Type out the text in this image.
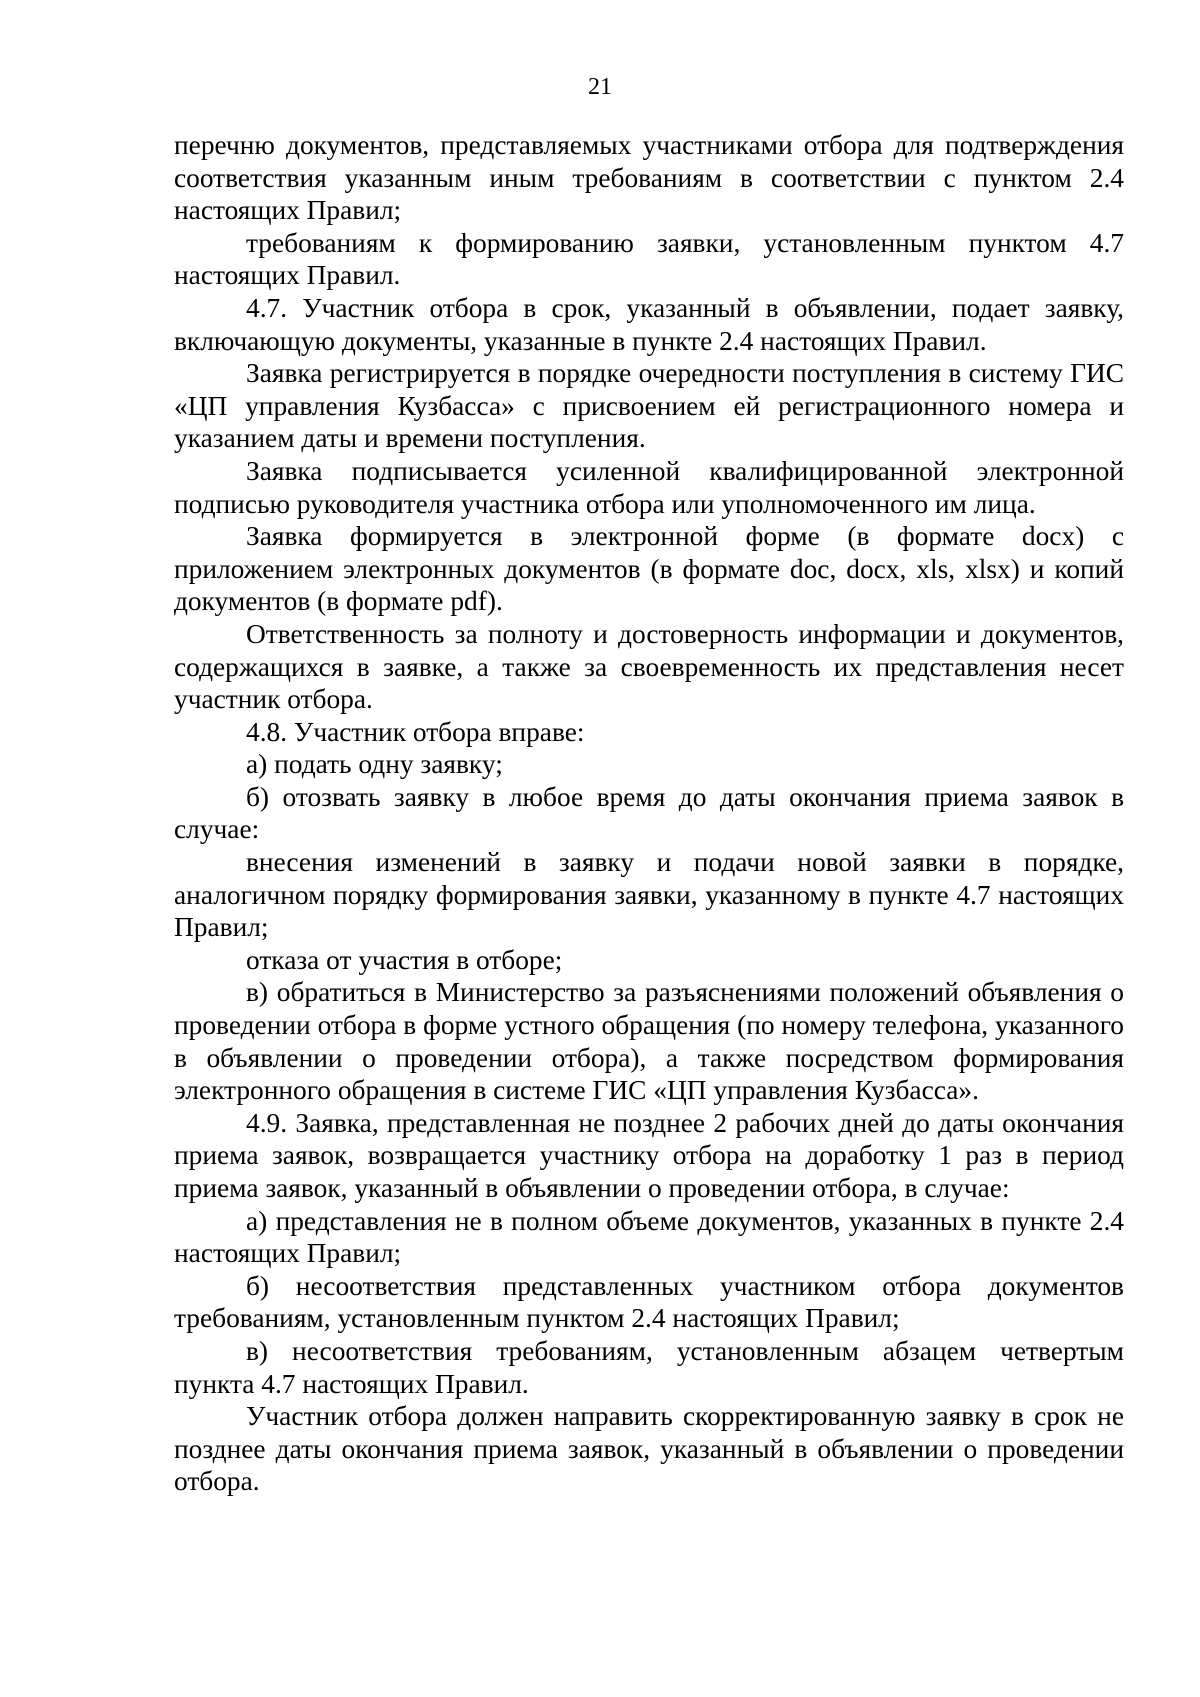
21

перечню документов, представляемых участниками отбора для подтверждения соответствия указанным иным требованиям в соответствии с пунктом 2.4 настоящих Правил;

требованиям к формированию заявки, установленным пунктом 4.7 настоящих Правил.

4.7. Участник отбора в срок, указанный в объявлении, подает заявку, включающую документы, указанные в пункте 2.4 настоящих Правил.

Заявка регистрируется в порядке очередности поступления в систему ГИС «ЦП управления Кузбасса» с присвоением ей регистрационного номера и указанием даты и времени поступления.

Заявка подписывается усиленной квалифицированной электронной подписью руководителя участника отбора или уполномоченного им лица.

Заявка формируется в электронной форме (в формате docx) с приложением электронных документов (в формате doc, docx, xls, xlsx) и копий документов (в формате pdf).

Ответственность за полноту и достоверность информации и документов, содержащихся в заявке, а также за своевременность их представления несет участник отбора.

4.8. Участник отбора вправе:

а) подать одну заявку;

б) отозвать заявку в любое время до даты окончания приема заявок в случае:

внесения изменений в заявку и подачи новой заявки в порядке, аналогичном порядку формирования заявки, указанному в пункте 4.7 настоящих Правил;

отказа от участия в отборе;

в) обратиться в Министерство за разъяснениями положений объявления о проведении отбора в форме устного обращения (по номеру телефона, указанного в объявлении о проведении отбора), а также посредством формирования электронного обращения в системе ГИС «ЦП управления Кузбасса».

4.9. Заявка, представленная не позднее 2 рабочих дней до даты окончания приема заявок, возвращается участнику отбора на доработку 1 раз в период приема заявок, указанный в объявлении о проведении отбора, в случае:

а) представления не в полном объеме документов, указанных в пункте 2.4 настоящих Правил;

б) несоответствия представленных участником отбора документов требованиям, установленным пунктом 2.4 настоящих Правил;

в) несоответствия требованиям, установленным абзацем четвертым пункта 4.7 настоящих Правил.

Участник отбора должен направить скорректированную заявку в срок не позднее даты окончания приема заявок, указанный в объявлении о проведении отбора.
